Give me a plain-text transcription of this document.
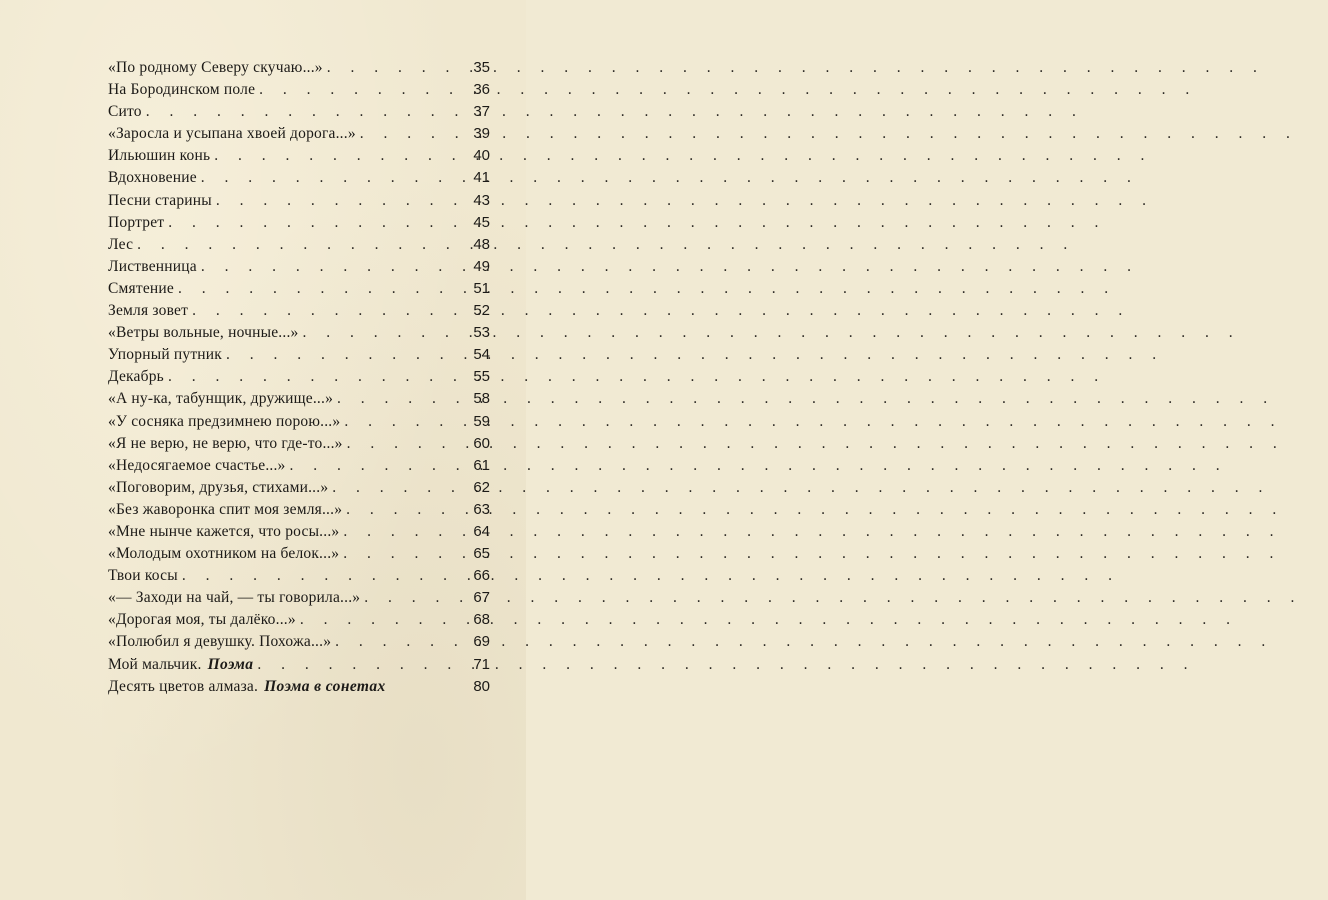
«По родному Северу скучаю...» . . .	35
На Бородинском поле . . .	36
Сито . . .	37
«Заросла и усыпана хвоей дорога...» . . .	39
Ильюшин конь . . .	40
Вдохновение . . .	41
Песни старины . . .	43
Портрет . . .	45
Лес . . .	48
Лиственница . . .	49
Смятение . . .	51
Земля зовет . . .	52
«Ветры вольные, ночные...» . . .	53
Упорный путник . . .	54
Декабрь . . .	55
«А ну-ка, табунщик, дружище...» . . .	58
«У сосняка предзимнею порою...» . . .	59
«Я не верю, не верю, что где-то...» . . .	60
«Недосягаемое счастье...» . . .	61
«Поговорим, друзья, стихами...» . . .	62
«Без жаворонка спит моя земля...» . . .	63
«Мне нынче кажется, что росы...» . . .	64
«Молодым охотником на белок...» . . .	65
Твои косы . . .	66
«— Заходи на чай, — ты говорила...» . . .	67
«Дорогая моя, ты далёко...» . . .	68
«Полюбил я девушку. Похожа...» . . .	69
Мой мальчик. Поэма . . .	71
Десять цветов алмаза. Поэма в сонетах	80
